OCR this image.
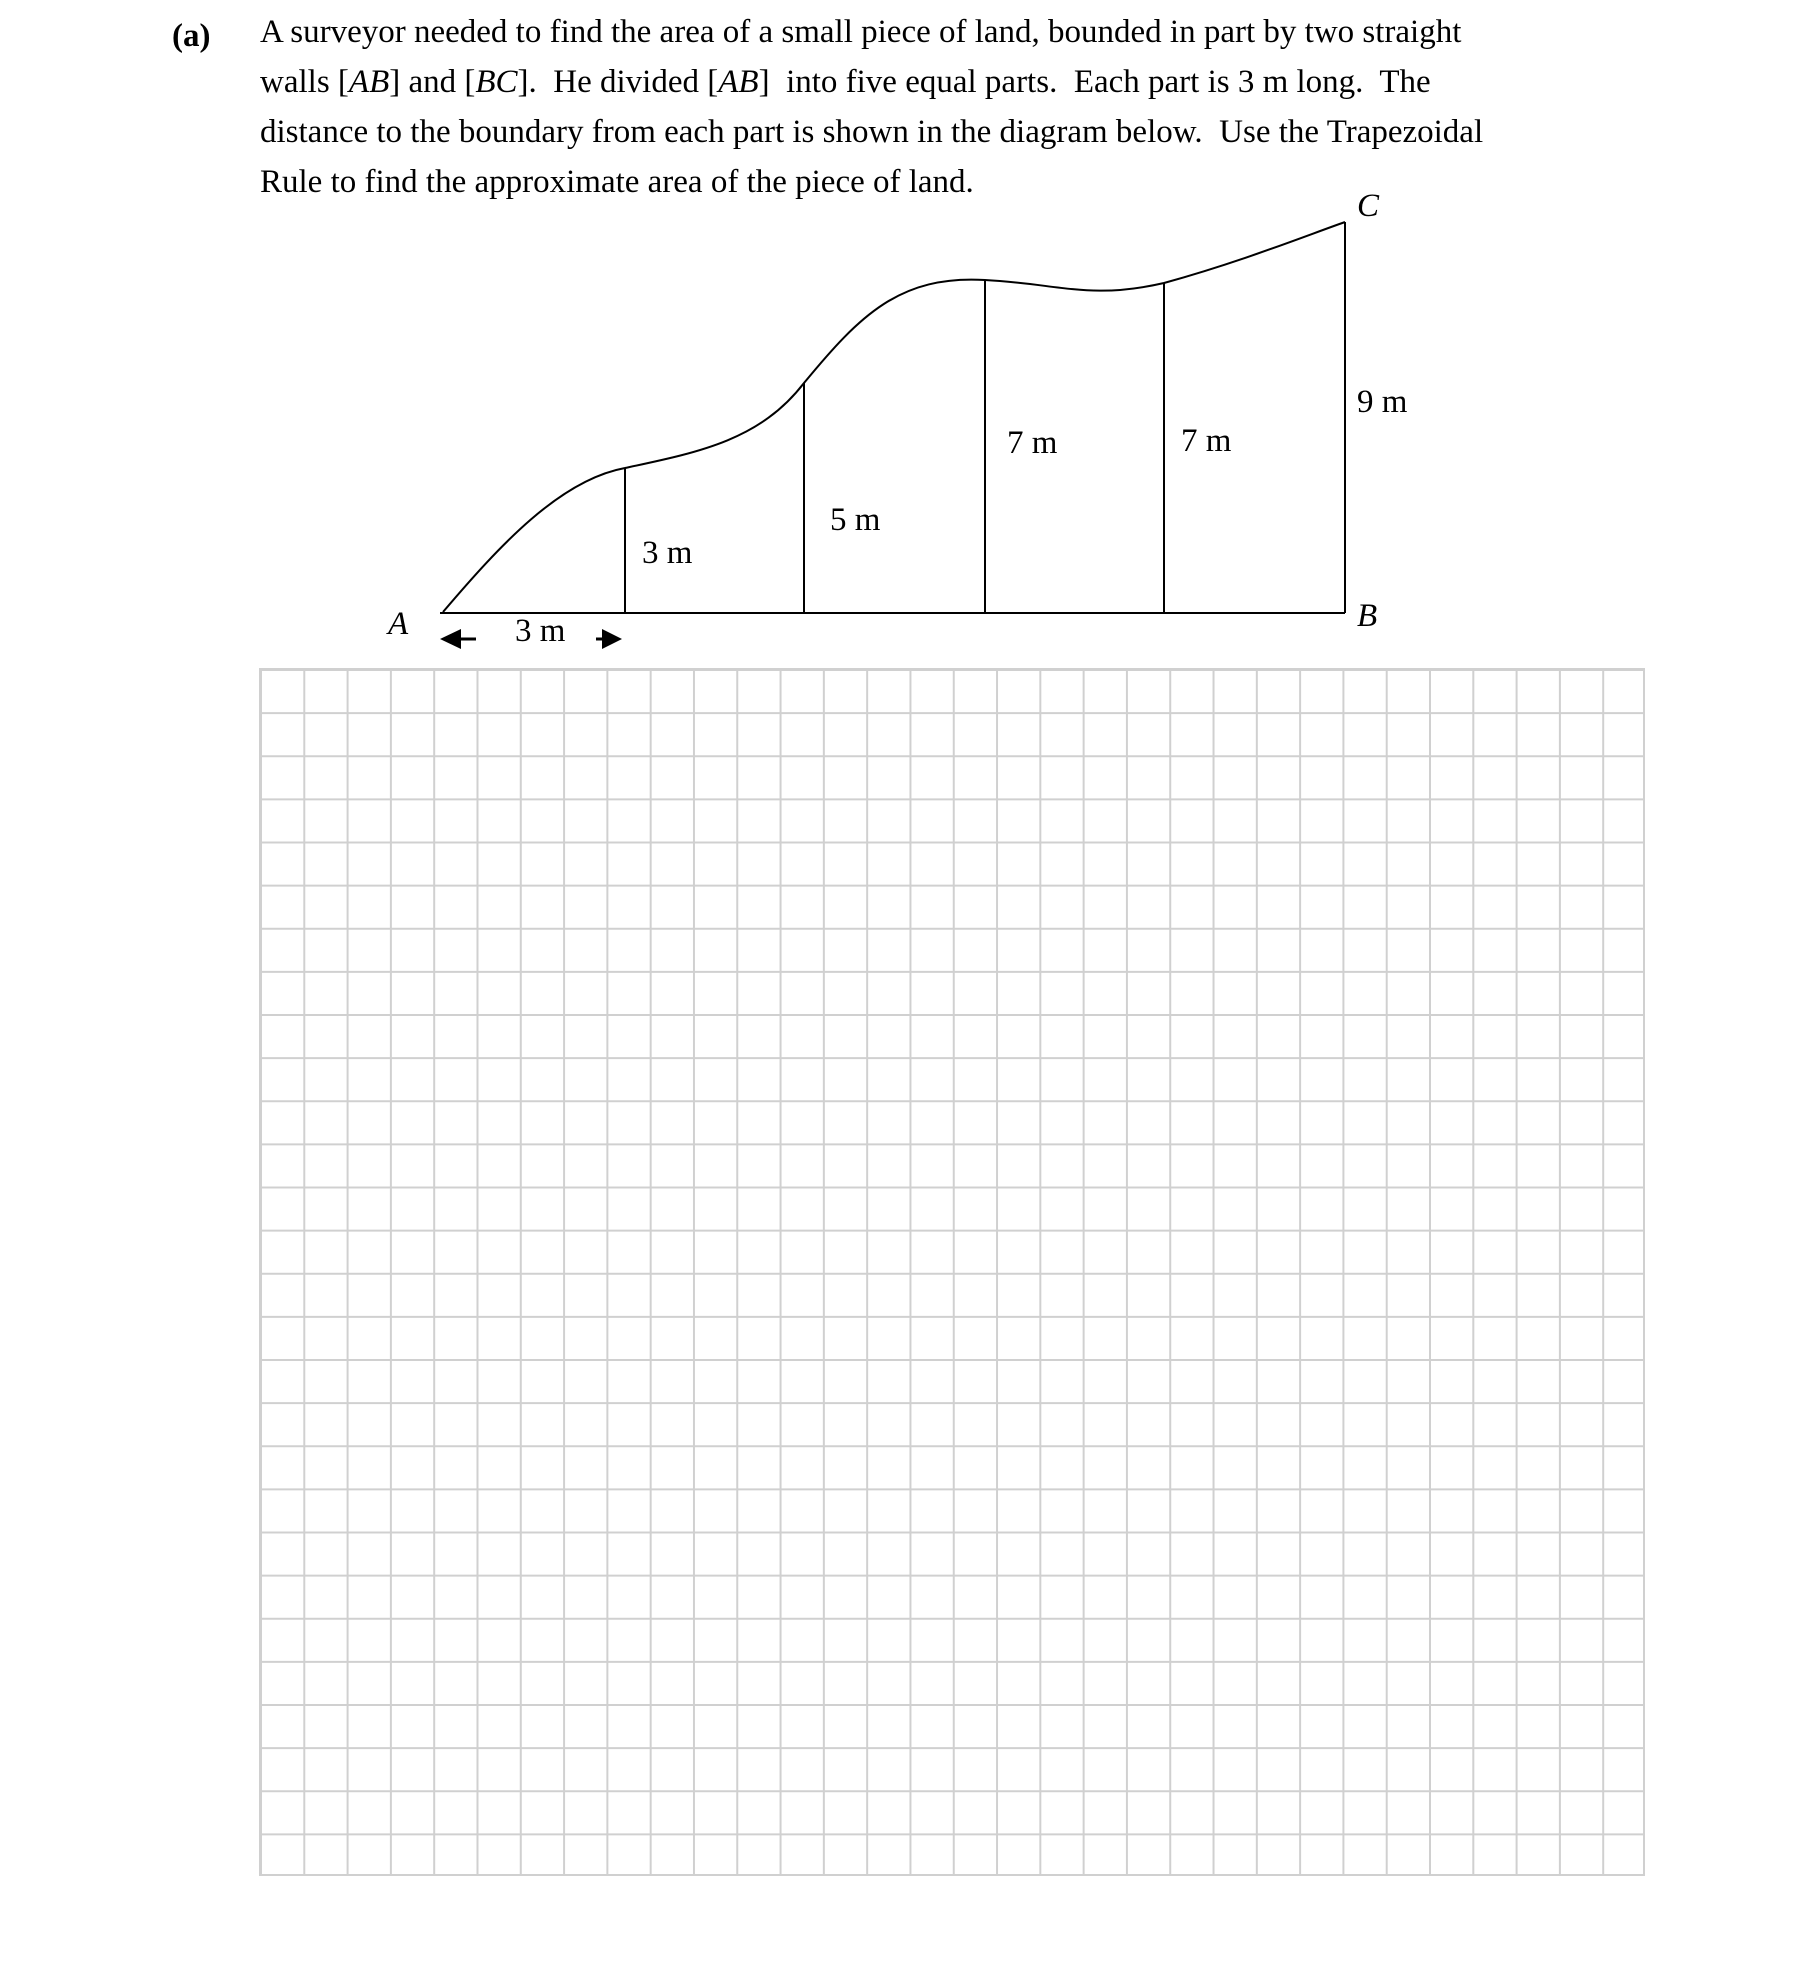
(a) A surveyor needed to find the area of a small piece of land, bounded in part by two straight
walls [AB] and [BC].  He divided [AB]  into five equal parts.  Each part is 3 m long.  The
distance to the boundary from each part is shown in the diagram below.  Use the Trapezoidal
Rule to find the approximate area of the piece of land.
A	B
C
3 m
3 m
5 m
7 m	7 m
9 m
